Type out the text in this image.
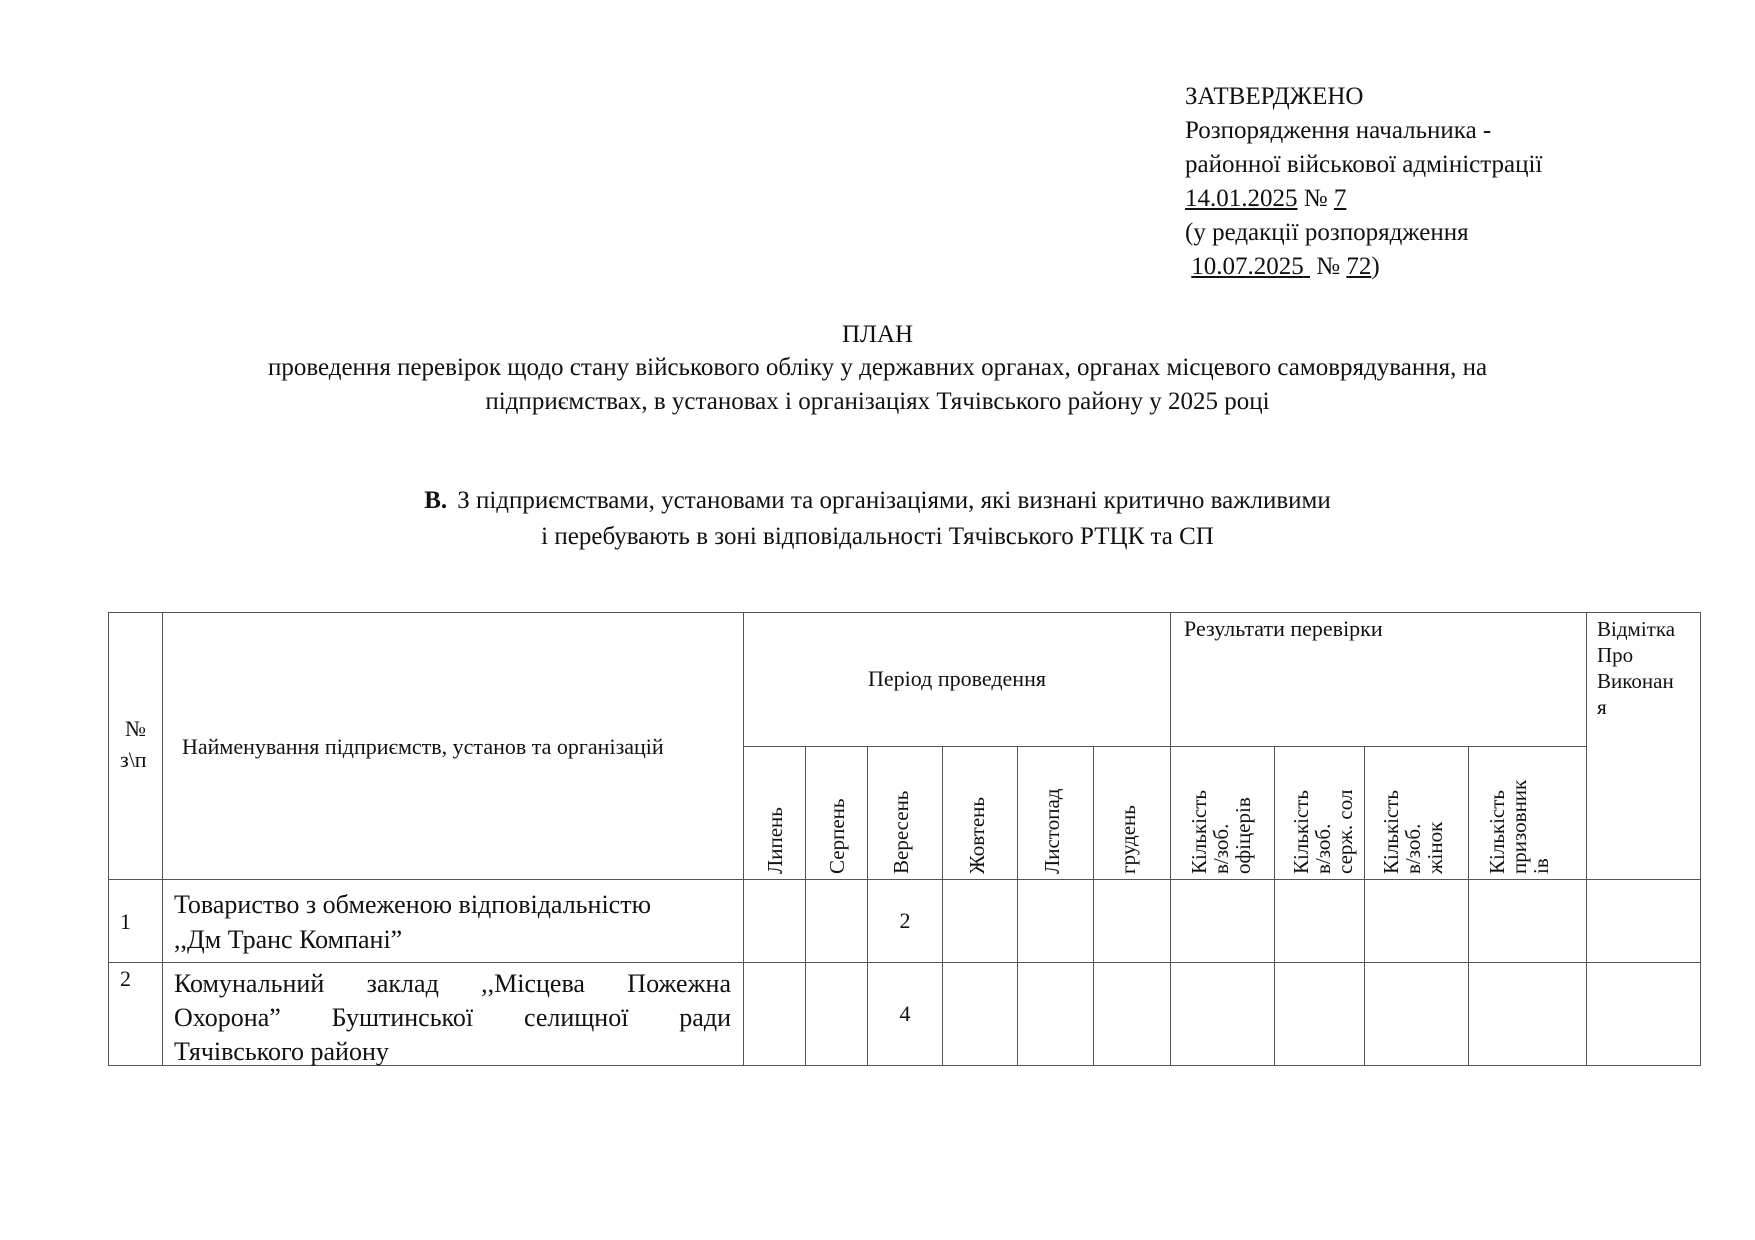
ЗАТВЕРДЖЕНО
Розпорядження начальника -
районної військової адміністрації
14.01.2025 № 7
(у редакції розпорядження
10.07.2025 № 72)
ПЛАН
проведення перевірок щодо стану військового обліку у державних органах, органах місцевого самоврядування, на
підприємствах, в установах і організаціях Тячівського району у 2025 році
В. З підприємствами, установами та організаціями, які визнані критично важливими
і перебувають в зоні відповідальності Тячівського РТЦК та СП
№
з\п
Найменування підприємств, установ та організацій
Період проведення
Результати перевірки	Відмітка
Про
Виконан
я
Липень Серпень Вересень Жовтень Листопад грудень Кількість
в/зоб.
офіцерів Кількість
в/зоб.
серж. сол Кількість
в/зоб.
жінок Кількість
призовник
ів
1
Товариство з обмеженою відповідальністю
,,Дм Транс Компані”
2
2 Комунальний заклад ,,Місцева Пожежна
Охорона” Буштинської селищної ради
Тячівського району
4
